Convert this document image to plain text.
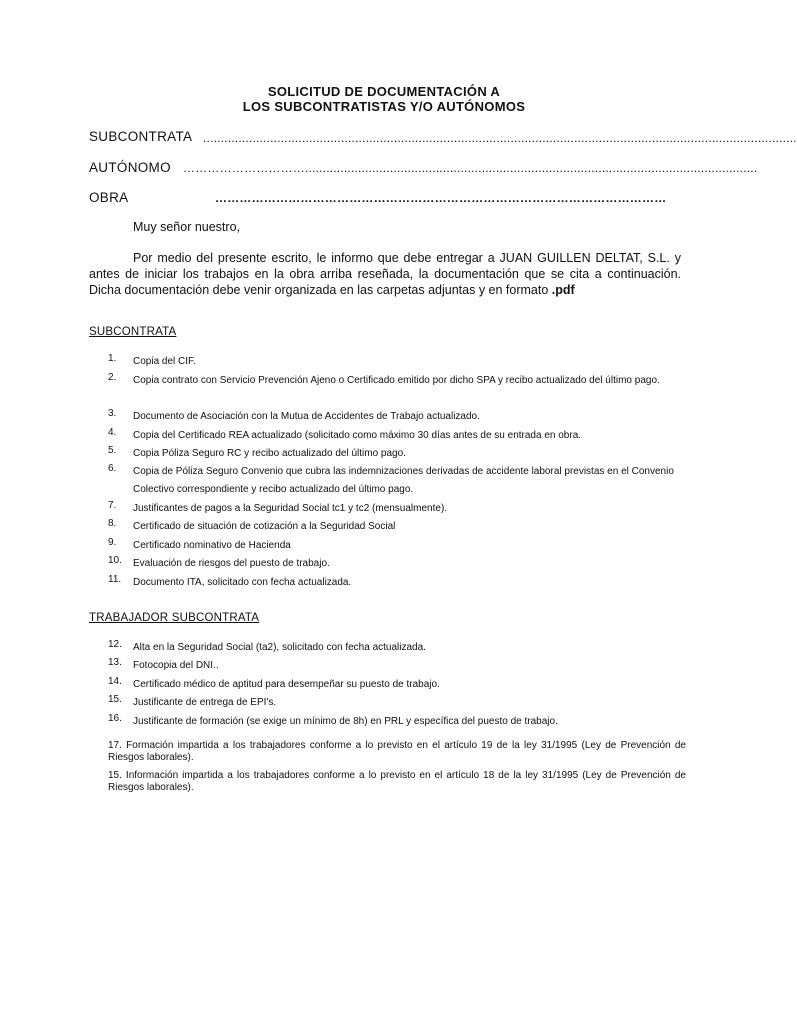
SOLICITUD DE DOCUMENTACIÓN A
LOS SUBCONTRATISTAS Y/O AUTÓNOMOS
SUBCONTRATA ........................................................................................................................................................................
AUTÓNOMO …………………………................................................................................................................................
OBRA	…………………………………………………………………………………………………
Muy señor nuestro,
Por medio del presente escrito, le informo que debe entregar a JUAN GUILLEN DELTAT, S.L. y antes de iniciar los trabajos en la obra arriba reseñada, la documentación que se cita a continuación. Dicha documentación debe venir organizada en las carpetas adjuntas y en formato .pdf
SUBCONTRATA
1.	Copia del CIF.
2.	Copia contrato con Servicio Prevención Ajeno o Certificado emitido por dicho SPA y recibo actualizado del último pago.
3.	Documento de Asociación con la Mutua de Accidentes de Trabajo actualizado.
4.	Copia del Certificado REA actualizado (solicitado como máximo 30 días antes de su entrada en obra.
5.	Copia Póliza Seguro RC y recibo actualizado del último pago.
6.	Copia de Póliza Seguro Convenio que cubra las indemnizaciones derivadas de accidente laboral previstas en el Convenio Colectivo correspondiente y recibo actualizado del último pago.
7.	Justificantes de pagos a la Seguridad Social tc1 y tc2 (mensualmente).
8.	Certificado de situación de cotización a la Seguridad Social
9.	Certificado nominativo de Hacienda
10.	Evaluación de riesgos del puesto de trabajo.
11.	Documento ITA, solicitado con fecha actualizada.
TRABAJADOR SUBCONTRATA
12.	Alta en la Seguridad Social (ta2), solicitado con fecha actualizada.
13.	Fotocopia del DNI..
14.	Certificado médico de aptitud para desempeñar su puesto de trabajo.
15.	Justificante de entrega de EPI's.
16.	Justificante de formación (se exige un mínimo de 8h) en PRL y específica del puesto de trabajo.
17. Formación impartida a los trabajadores conforme a lo previsto en el artículo 19 de la ley 31/1995 (Ley de Prevención de Riesgos laborales).
15. Información impartida a los trabajadores conforme a lo previsto en el artículo 18 de la ley 31/1995 (Ley de Prevención de Riesgos laborales).
